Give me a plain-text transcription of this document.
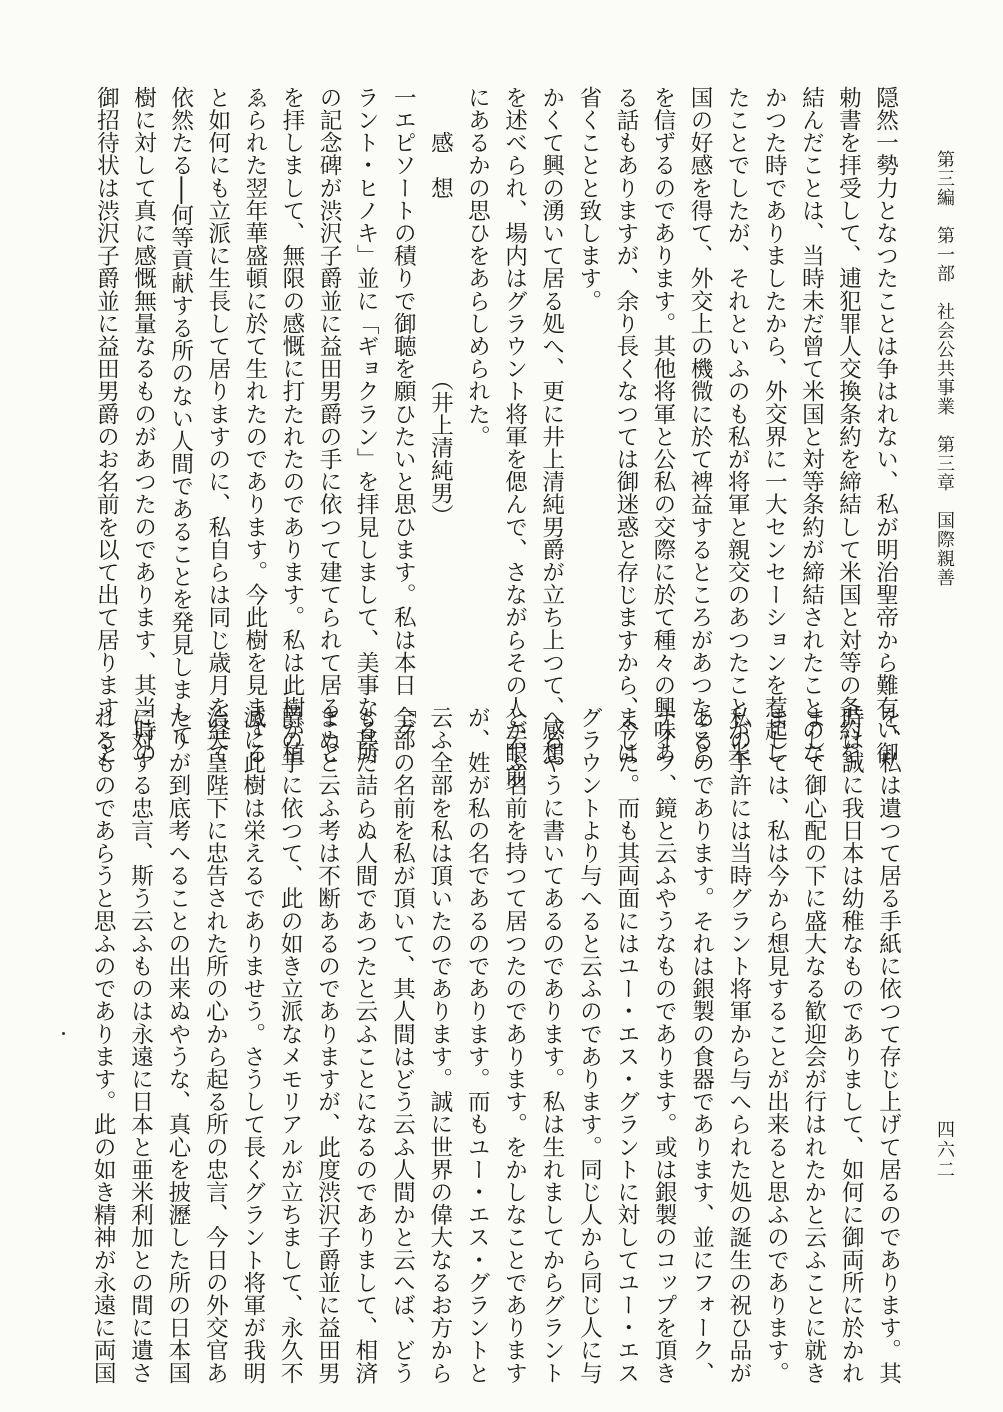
第三編　第一部　社会公共事業　第三章　国際親善
四六二
隠然一勢力となつたことは争はれない、私が明治聖帝から難有い御
勅書を拝受して、逋犯罪人交換条約を締結して米国と対等の条約を
結んだことは、当時未だ曾て米国と対等条約が締結されたことのな
かつた時でありましたから、外交界に一大センセーションを惹起し
たことでしたが、それといふのも私が将軍と親交のあつたことが米
国の好感を得て、外交上の機微に於て裨益するところがあつたこと
を信ずるのであります。其他将軍と公私の交際に於て種々の興味あ
る話もありますが、余り長くなつては御迷惑と存じますから、今は
省くことと致します。
かくて興の湧いて居る処へ、更に井上清純男爵が立ち上つて、感想
を述べられ、場内はグラウント将軍を偲んで、さながらその人が眼前
にあるかの思ひをあらしめられた。
　　感　想　　　　　　　　（井上清純男）
一エピソートの積りで御聴を願ひたいと思ひます。私は本日「グ
ラント・ヒノキ」並に「ギョクラン」を拝見しまして、美事なる所
の記念碑が渋沢子爵並に益田男爵の手に依つて建てられて居ること
を拝しまして、無限の感慨に打たれたのであります。私は此樹が植
ゑられた翌年華盛頓に於て生れたのであります。今此樹を見まする
と如何にも立派に生長して居りますのに、私自らは同じ歳月を経て
依然たる──何等貢献する所のない人間であることを発見しまして
樹に対して真に感慨無量なるものがあつたのであります、其当時の
御招待状は渋沢子爵並に益田男爵のお名前を以て出て居りますこと
を、私は遺つて居る手紙に依つて存じ上げて居るのであります。其
時は誠に我日本は幼稚なものでありまして、如何に御両所に於かれ
まして御心配の下に盛大なる歓迎会が行はれたかと云ふことに就き
ましては、私は今から想見することが出来ると思ふのであります。
私の手許には当時グラント将軍から与へられた処の誕生の祝ひ品が
あるのであります。それは銀製の食器であります、並にフォーク、
ナイフ、鏡と云ふやうなものであります。或は銀製のコップを頂き
ました。而も其両面にはユー・エス・グラントに対してユー・エス
グラウントより与へると云ふのであります。同じ人から同じ人に与
へるやうに書いてあるのであります。私は生れましてからグラント
と云ふ名前を持つて居つたのであります。をかしなことであります
が、姓が私の名であるのであります。而もユー・エス・グラントと
云ふ全部を私は頂いたのであります。誠に世界の偉大なるお方から
全部の名前を私が頂いて、其人間はどう云ふ人間かと云へば、どう
も甚だ詰らぬ人間であつたと云ふことになるのでありまして、相済
まぬと云ふ考は不断あるのでありますが、此度渋沢子爵並に益田男
爵の手に依つて、此の如き立派なメモリアルが立ちまして、永久不
滅に此樹は栄えるでありませう。さうして長くグラント将軍が我明
治天皇陛下に忠告された所の心から起る所の忠言、今日の外交官あ
たりが到底考へることの出来ぬやうな、真心を披瀝した所の日本国
に対する忠言、斯う云ふものは永遠に日本と亜米利加との間に遺さ
れるものであらうと思ふのであります。此の如き精神が永遠に両国
